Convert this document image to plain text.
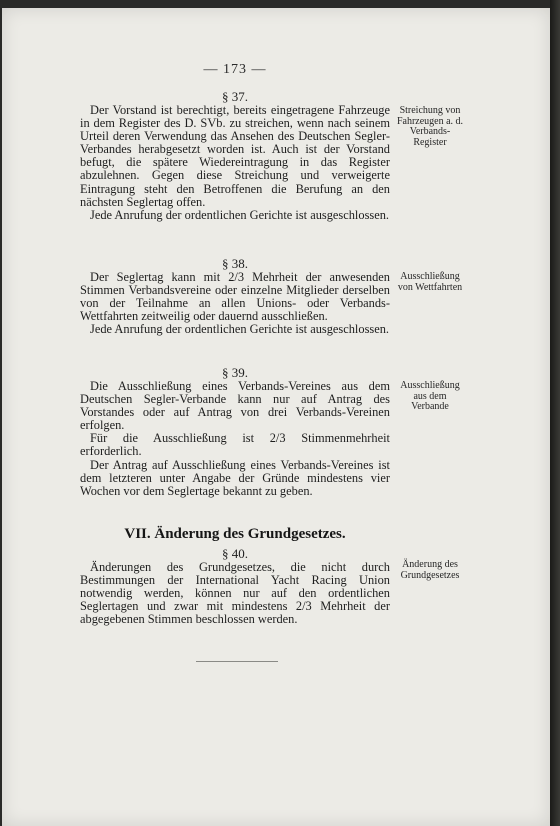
— 173 —
§ 37.

Der Vorstand ist berechtigt, bereits eingetragene Fahrzeuge in dem Register des D. SVb. zu streichen, wenn nach seinem Urteil deren Verwendung das Ansehen des Deutschen Segler-Verbandes herabgesetzt worden ist. Auch ist der Vorstand befugt, die spätere Wiedereintragung in das Register abzulehnen. Gegen diese Streichung und verweigerte Eintragung steht den Betroffenen die Berufung an den nächsten Seglertag offen.

Jede Anrufung der ordentlichen Gerichte ist ausgeschlossen.

Streichung von Fahrzeugen a. d. Verbands-Register
§ 38.

Der Seglertag kann mit 2/3 Mehrheit der anwesenden Stimmen Verbandsvereine oder einzelne Mitglieder derselben von der Teilnahme an allen Unions- oder Verbands-Wettfahrten zeitweilig oder dauernd ausschließen.

Jede Anrufung der ordentlichen Gerichte ist ausgeschlossen.

Ausschließung von Wettfahrten
§ 39.

Die Ausschließung eines Verbands-Vereines aus dem Deutschen Segler-Verbande kann nur auf Antrag des Vorstandes oder auf Antrag von drei Verbands-Vereinen erfolgen.

Für die Ausschließung ist 2/3 Stimmenmehrheit erforderlich.

Der Antrag auf Ausschließung eines Verbands-Vereines ist dem letzteren unter Angabe der Gründe mindestens vier Wochen vor dem Seglertage bekannt zu geben.

Ausschließung aus dem Verbande
VII. Änderung des Grundgesetzes.
§ 40.

Änderungen des Grundgesetzes, die nicht durch Bestimmungen der International Yacht Racing Union notwendig werden, können nur auf den ordentlichen Seglertagen und zwar mit mindestens 2/3 Mehrheit der abgegebenen Stimmen beschlossen werden.

Änderung des Grundgesetzes
